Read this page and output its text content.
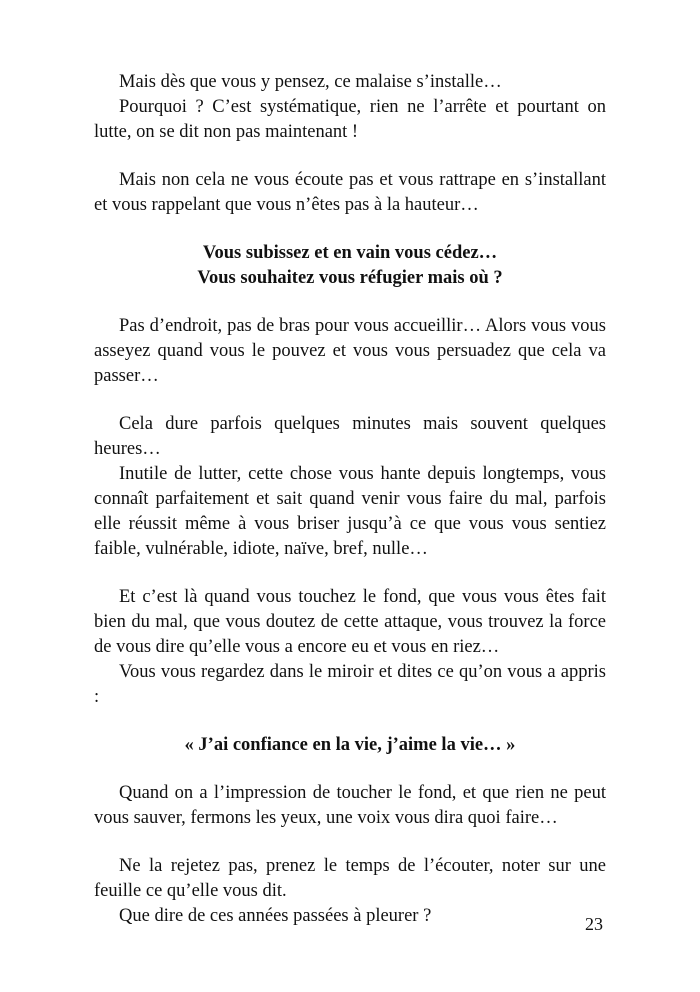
Mais dès que vous y pensez, ce malaise s’installe…

Pourquoi ? C’est systématique, rien ne l’arrête et pourtant on lutte, on se dit non pas maintenant !

Mais non cela ne vous écoute pas et vous rattrape en s’installant et vous rappelant que vous n’êtes pas à la hauteur…

Vous subissez et en vain vous cédez…

Vous souhaitez vous réfugier mais où ?

Pas d’endroit, pas de bras pour vous accueillir… Alors vous vous asseyez quand vous le pouvez et vous vous persuadez que cela va passer…

Cela dure parfois quelques minutes mais souvent quelques heures…

Inutile de lutter, cette chose vous hante depuis longtemps, vous connaît parfaitement et sait quand venir vous faire du mal, parfois elle réussit même à vous briser jusqu’à ce que vous vous sentiez faible, vulnérable, idiote, naïve, bref, nulle…

Et c’est là quand vous touchez le fond, que vous vous êtes fait bien du mal, que vous doutez de cette attaque, vous trouvez la force de vous dire qu’elle vous a encore eu et vous en riez…

Vous vous regardez dans le miroir et dites ce qu’on vous a appris :

« J’ai confiance en la vie, j’aime la vie… »

Quand on a l’impression de toucher le fond, et que rien ne peut vous sauver, fermons les yeux, une voix vous dira quoi faire…

Ne la rejetez pas, prenez le temps de l’écouter, noter sur une feuille ce qu’elle vous dit.

Que dire de ces années passées à pleurer ?	23
